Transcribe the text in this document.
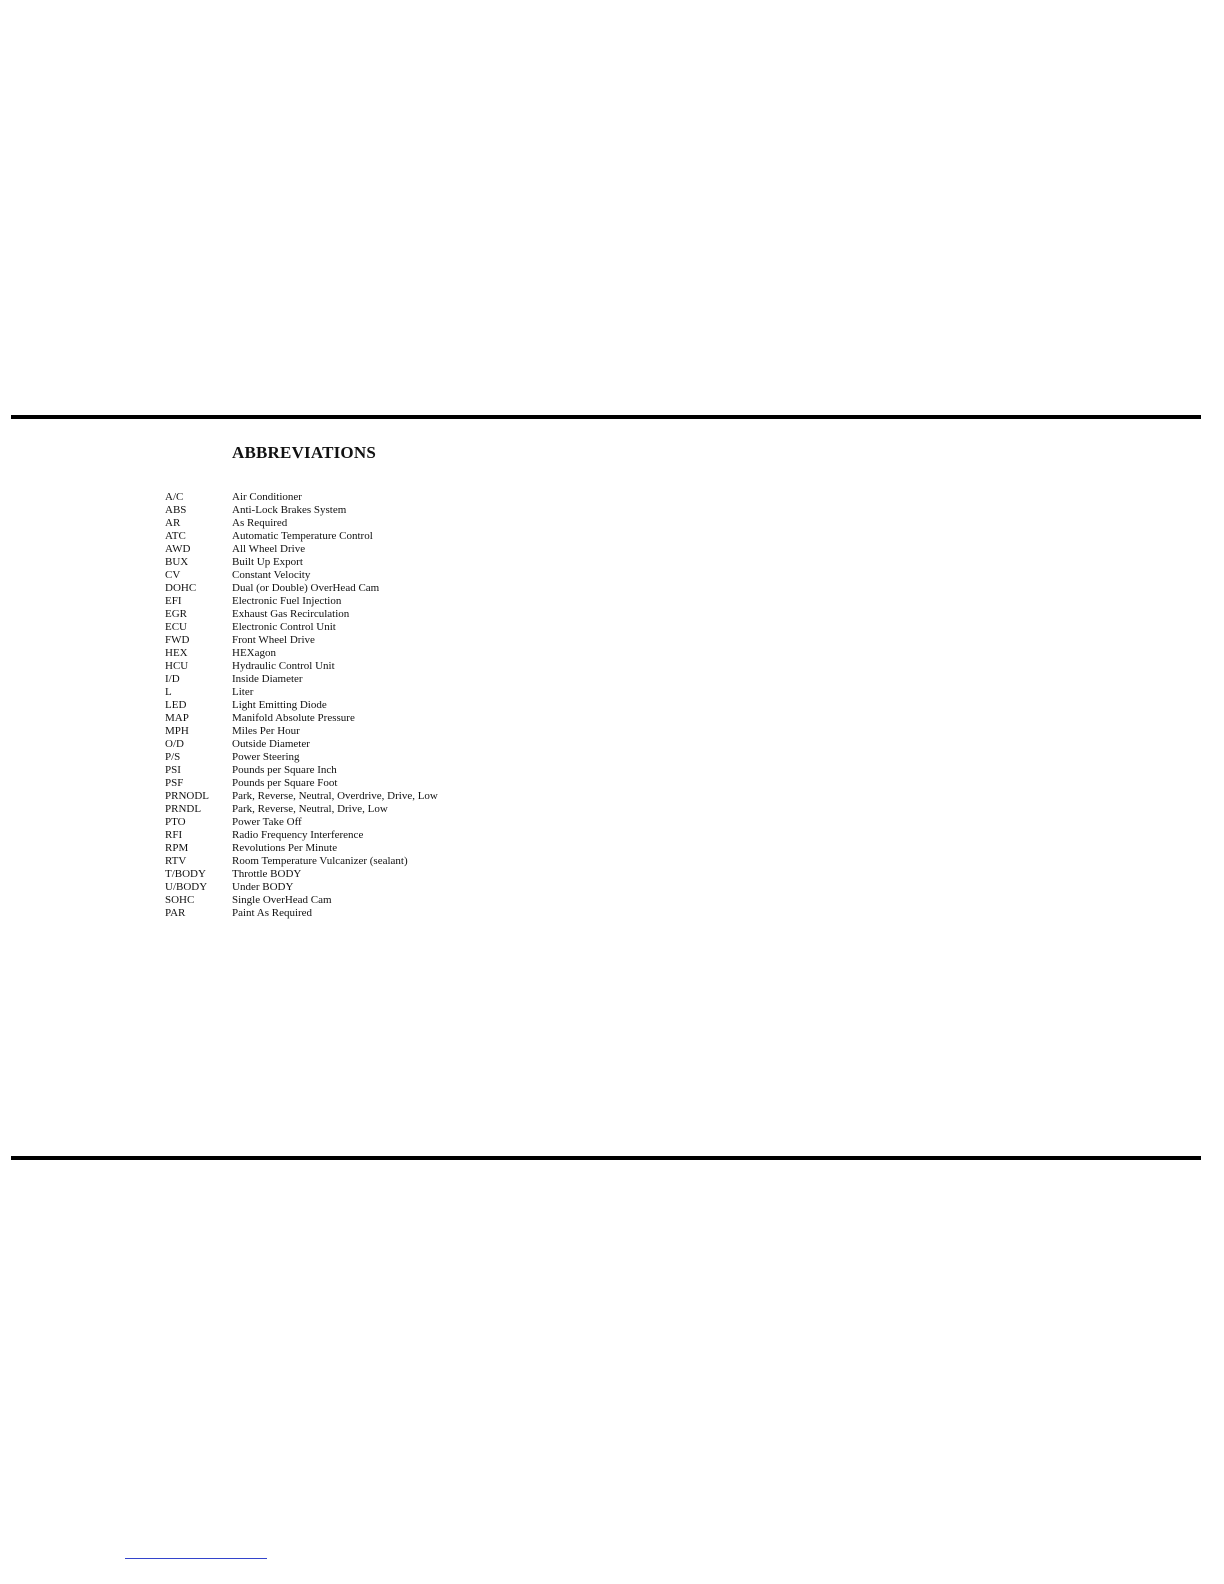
ABBREVIATIONS
A/C	Air Conditioner
ABS	Anti-Lock Brakes System
AR	As Required
ATC	Automatic Temperature Control
AWD	All Wheel Drive
BUX	Built Up Export
CV	Constant Velocity
DOHC	Dual (or Double) OverHead Cam
EFI	Electronic Fuel Injection
EGR	Exhaust Gas Recirculation
ECU	Electronic Control Unit
FWD	Front Wheel Drive
HEX	HEXagon
HCU	Hydraulic Control Unit
I/D	Inside Diameter
L	Liter
LED	Light Emitting Diode
MAP	Manifold Absolute Pressure
MPH	Miles Per Hour
O/D	Outside Diameter
P/S	Power Steering
PSI	Pounds per Square Inch
PSF	Pounds per Square Foot
PRNODL	Park, Reverse, Neutral, Overdrive, Drive, Low
PRNDL	Park, Reverse, Neutral, Drive, Low
PTO	Power Take Off
RFI	Radio Frequency Interference
RPM	Revolutions Per Minute
RTV	Room Temperature Vulcanizer (sealant)
T/BODY	Throttle BODY
U/BODY	Under BODY
SOHC	Single OverHead Cam
PAR	Paint As Required
